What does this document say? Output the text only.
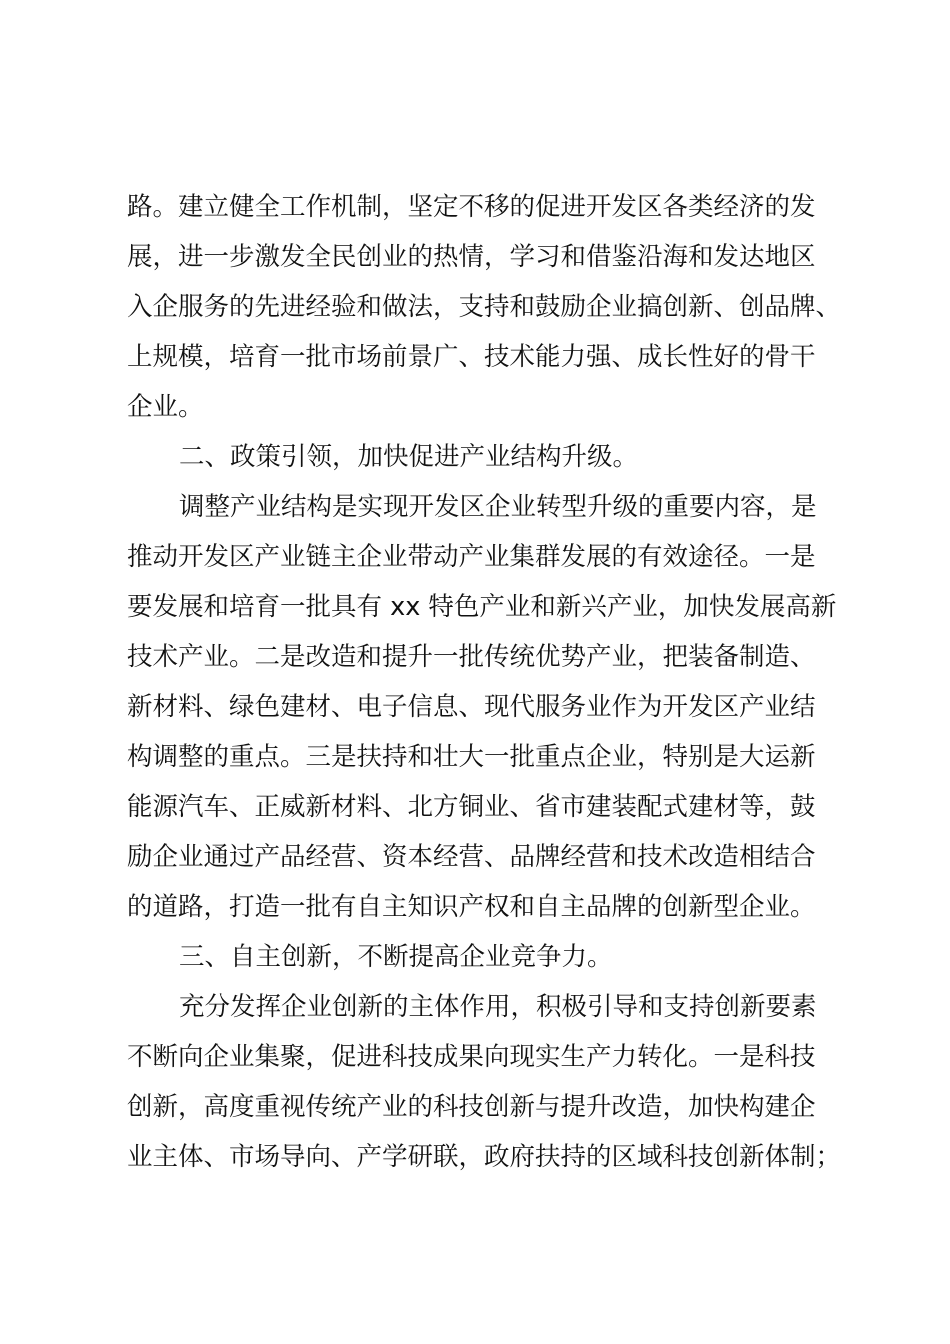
路。建立健全工作机制，坚定不移的促进开发区各类经济的发
展，进一步激发全民创业的热情，学习和借鉴沿海和发达地区
入企服务的先进经验和做法，支持和鼓励企业搞创新、创品牌、
上规模，培育一批市场前景广、技术能力强、成长性好的骨干
企业。
二、政策引领，加快促进产业结构升级。
调整产业结构是实现开发区企业转型升级的重要内容，是
推动开发区产业链主企业带动产业集群发展的有效途径。一是
要发展和培育一批具有 xx 特色产业和新兴产业，加快发展高新
技术产业。二是改造和提升一批传统优势产业，把装备制造、
新材料、绿色建材、电子信息、现代服务业作为开发区产业结
构调整的重点。三是扶持和壮大一批重点企业，特别是大运新
能源汽车、正威新材料、北方铜业、省市建装配式建材等，鼓
励企业通过产品经营、资本经营、品牌经营和技术改造相结合
的道路，打造一批有自主知识产权和自主品牌的创新型企业。
三、自主创新，不断提高企业竞争力。
充分发挥企业创新的主体作用，积极引导和支持创新要素
不断向企业集聚，促进科技成果向现实生产力转化。一是科技
创新，高度重视传统产业的科技创新与提升改造，加快构建企
业主体、市场导向、产学研联，政府扶持的区域科技创新体制；
